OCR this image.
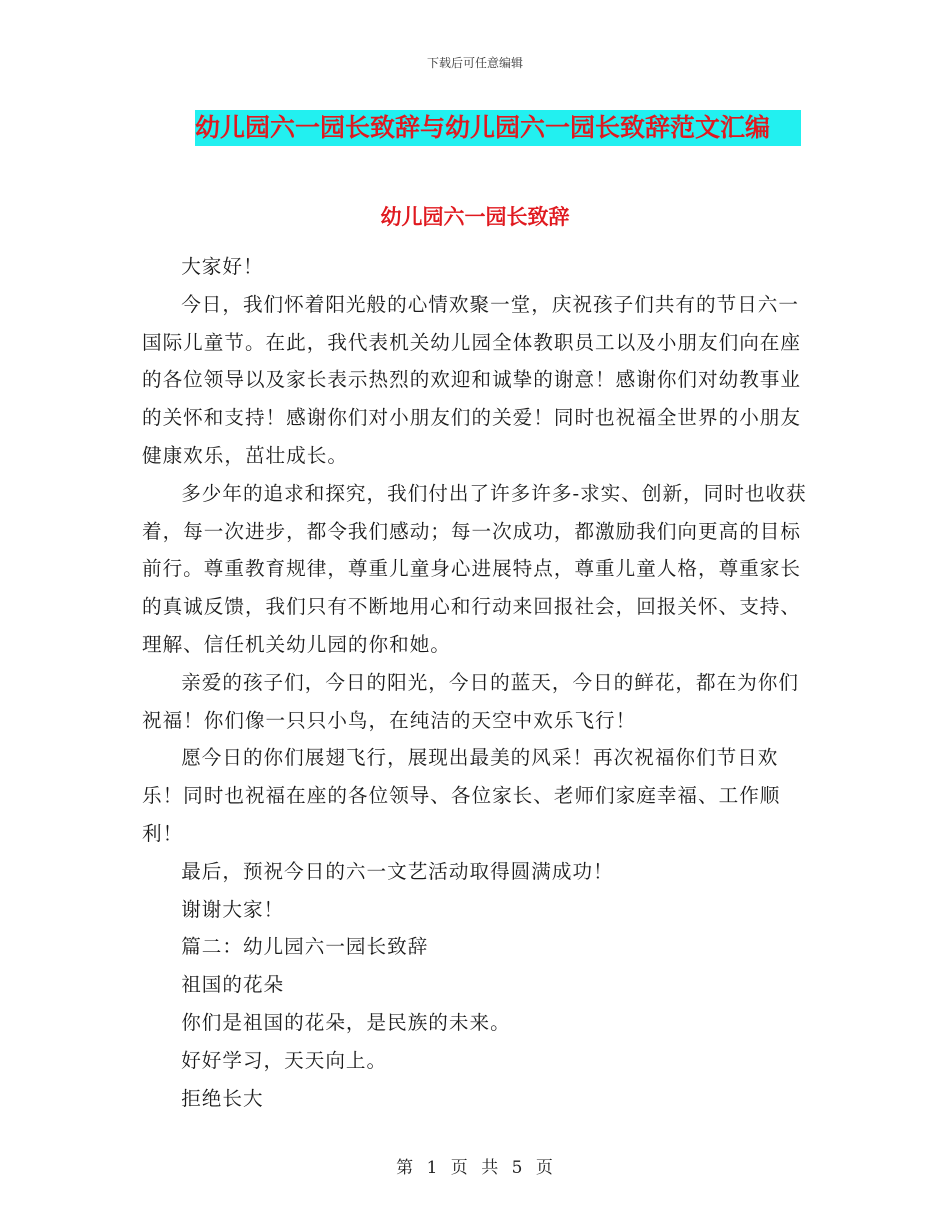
下载后可任意编辑
幼儿园六一园长致辞与幼儿园六一园长致辞范文汇编
幼儿园六一园长致辞

大家好！

今日，我们怀着阳光般的心情欢聚一堂，庆祝孩子们共有的节日六一 国际儿童节。在此，我代表机关幼儿园全体教职员工以及小朋友们向在座的各位领导以及家长表示热烈的欢迎和诚挚的谢意！感谢你们对幼教事业的关怀和支持！感谢你们对小朋友们的关爱！同时也祝福全世界的小朋友健康欢乐，茁壮成长。

多少年的追求和探究，我们付出了许多许多-求实、创新，同时也收获着，每一次进步，都令我们感动；每一次成功，都激励我们向更高的目标前行。尊重教育规律，尊重儿童身心进展特点，尊重儿童人格，尊重家长的真诚反馈，我们只有不断地用心和行动来回报社会，回报关怀、支持、理解、信任机关幼儿园的你和她。

亲爱的孩子们，今日的阳光，今日的蓝天，今日的鲜花，都在为你们祝福！你们像一只只小鸟，在纯洁的天空中欢乐飞行！

愿今日的你们展翅飞行，展现出最美的风采！再次祝福你们节日欢乐！同时也祝福在座的各位领导、各位家长、老师们家庭幸福、工作顺利！

最后，预祝今日的六一文艺活动取得圆满成功！

谢谢大家！

篇二：幼儿园六一园长致辞

祖国的花朵

你们是祖国的花朵，是民族的未来。

好好学习，天天向上。

拒绝长大

第 1 页 共 5 页
